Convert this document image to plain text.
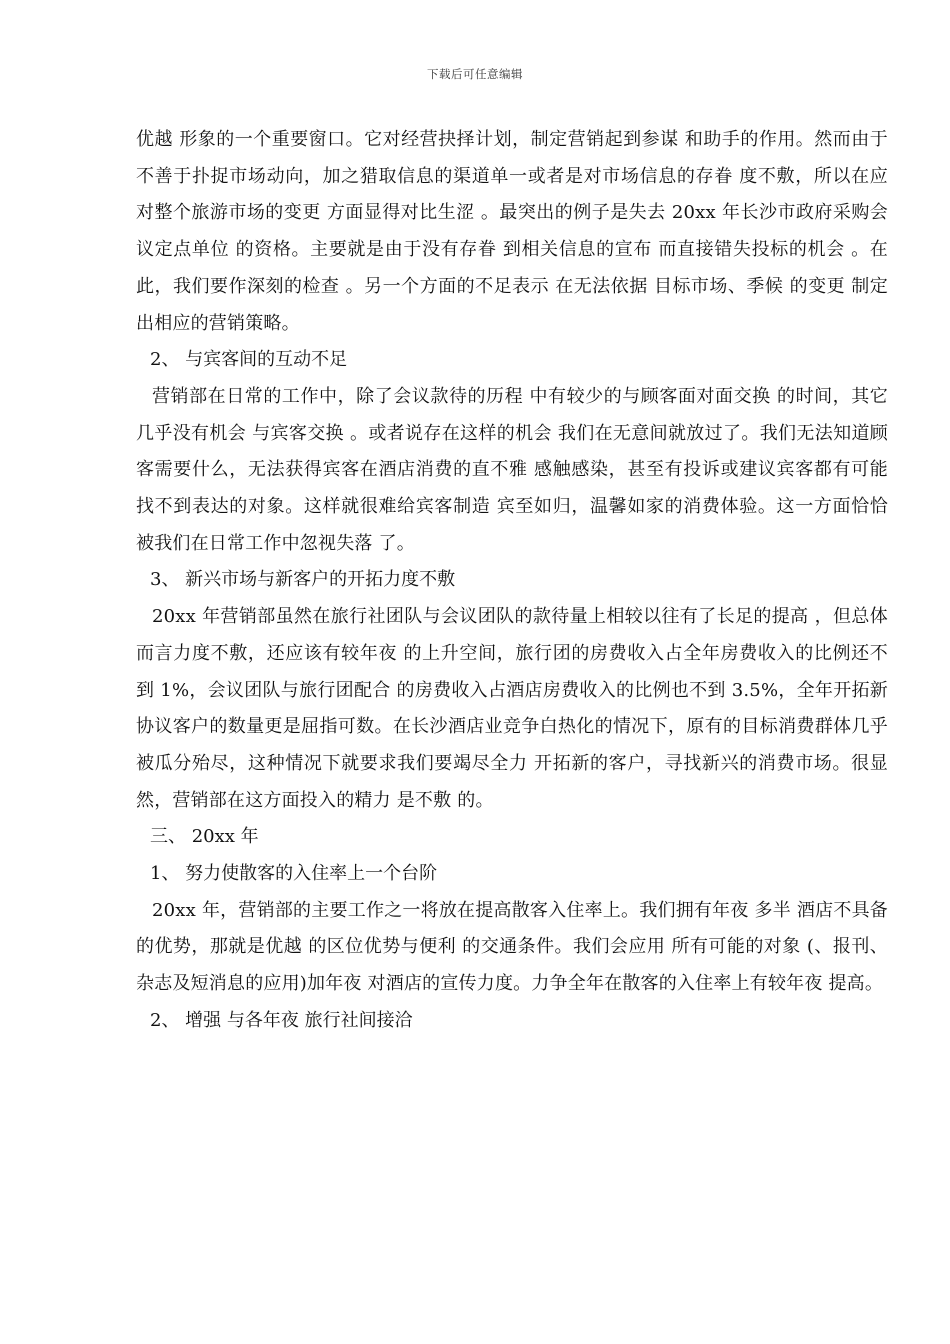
下载后可任意编辑

优越 形象的一个重要窗口。它对经营抉择计划，制定营销起到参谋 和助手的作用。然而由于不善于扑捉市场动向，加之猎取信息的渠道单一或者是对市场信息的存眷 度不敷，所以在应对整个旅游市场的变更 方面显得对比生涩 。最突出的例子是失去 20xx 年长沙市政府采购会议定点单位 的资格。主要就是由于没有存眷 到相关信息的宣布 而直接错失投标的机会 。在此，我们要作深刻的检查 。另一个方面的不足表示 在无法依据 目标市场、季候 的变更 制定出相应的营销策略。

2、 与宾客间的互动不足

营销部在日常的工作中，除了会议款待的历程 中有较少的与顾客面对面交换 的时间，其它几乎没有机会 与宾客交换 。或者说存在这样的机会 我们在无意间就放过了。我们无法知道顾客需要什么，无法获得宾客在酒店消费的直不雅 感触感染，甚至有投诉或建议宾客都有可能找不到表达的对象。这样就很难给宾客制造 宾至如归，温馨如家的消费体验。这一方面恰恰被我们在日常工作中忽视失落 了。

3、 新兴市场与新客户的开拓力度不敷

20xx 年营销部虽然在旅行社团队与会议团队的款待量上相较以往有了长足的提高 ，但总体而言力度不敷，还应该有较年夜 的上升空间，旅行团的房费收入占全年房费收入的比例还不到 1%，会议团队与旅行团配合 的房费收入占酒店房费收入的比例也不到 3.5%，全年开拓新协议客户的数量更是屈指可数。在长沙酒店业竞争白热化的情况下，原有的目标消费群体几乎被瓜分殆尽，这种情况下就要求我们要竭尽全力 开拓新的客户，寻找新兴的消费市场。很显然，营销部在这方面投入的精力 是不敷 的。

三、 20xx 年

1、 努力使散客的入住率上一个台阶

20xx 年，营销部的主要工作之一将放在提高散客入住率上。我们拥有年夜 多半 酒店不具备的优势，那就是优越 的区位优势与便利 的交通条件。我们会应用 所有可能的对象 (、报刊、杂志及短消息的应用)加年夜 对酒店的宣传力度。力争全年在散客的入住率上有较年夜 提高。

2、 增强 与各年夜 旅行社间接洽
